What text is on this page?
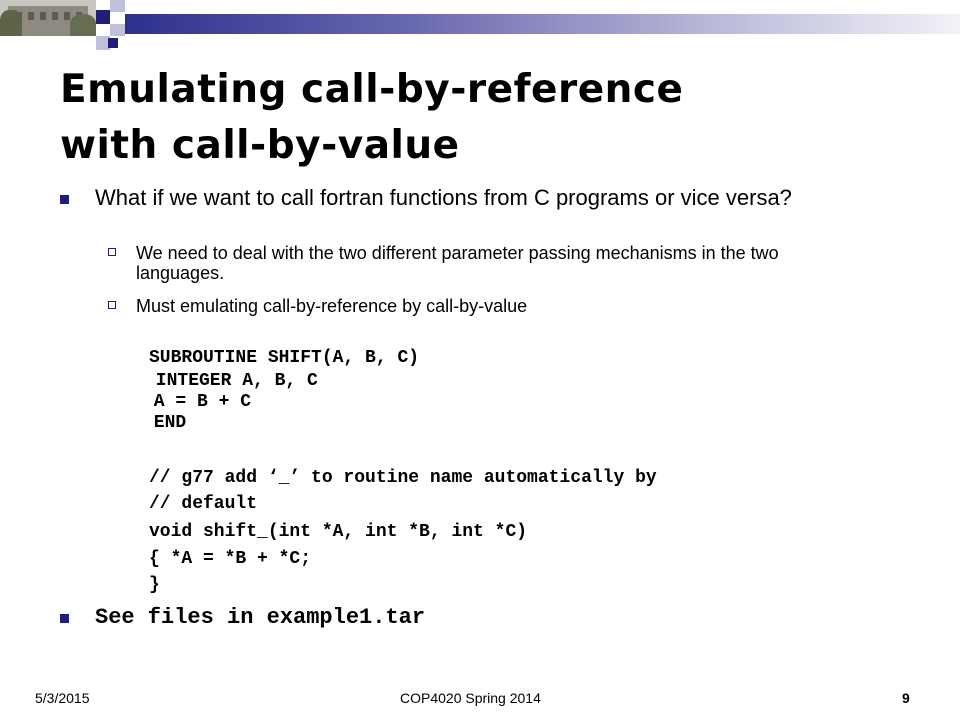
Emulating call-by-reference
with call-by-value
What if we want to call fortran functions from C programs or vice versa?
We need to deal with the two different parameter passing mechanisms in the two languages.
Must emulating call-by-reference by call-by-value
SUBROUTINE SHIFT(A, B, C)
INTEGER A, B, C
A = B + C
END
// g77 add ‘_’ to routine name automatically by
// default
void shift_(int *A, int *B, int *C)
{ *A = *B + *C;
}
See files in example1.tar
5/3/2015	COP4020 Spring 2014	9
